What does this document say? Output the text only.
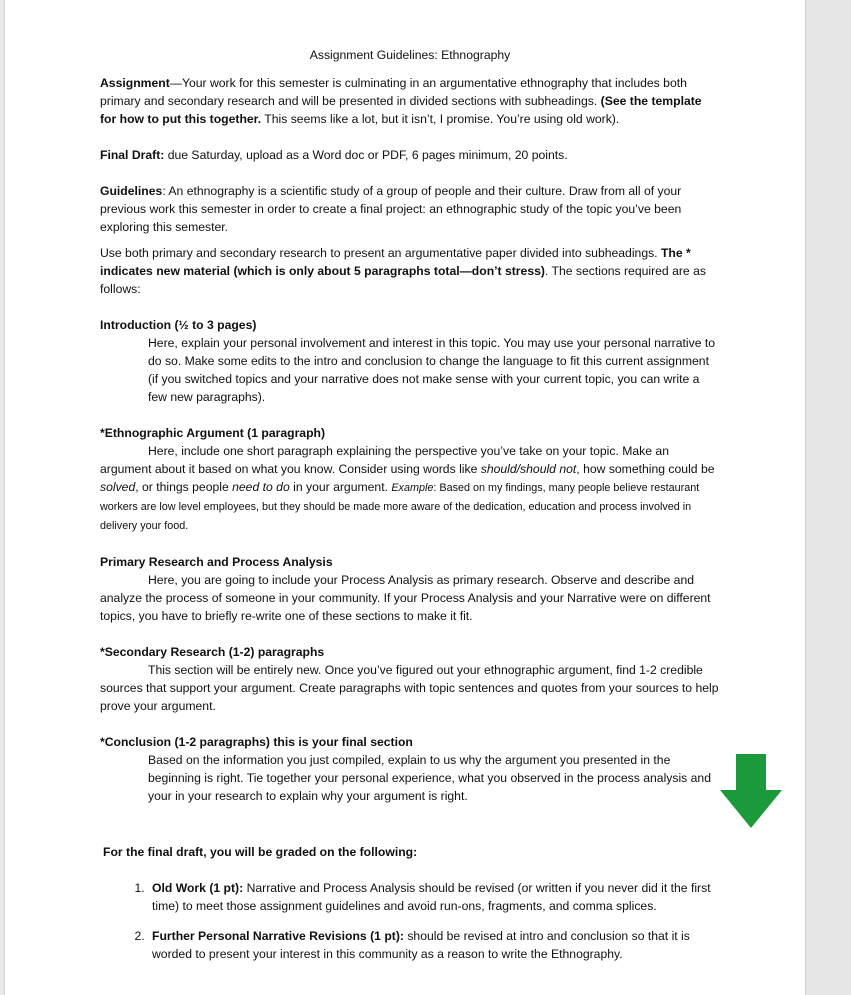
Assignment Guidelines: Ethnography

Assignment—Your work for this semester is culminating in an argumentative ethnography that includes both primary and secondary research and will be presented in divided sections with subheadings. (See the template for how to put this together. This seems like a lot, but it isn’t, I promise. You’re using old work).

Final Draft: due Saturday, upload as a Word doc or PDF, 6 pages minimum, 20 points.

Guidelines: An ethnography is a scientific study of a group of people and their culture. Draw from all of your previous work this semester in order to create a final project: an ethnographic study of the topic you’ve been exploring this semester.

Use both primary and secondary research to present an argumentative paper divided into subheadings. The * indicates new material (which is only about 5 paragraphs total—don’t stress). The sections required are as follows:

Introduction (½ to 3 pages)

Here, explain your personal involvement and interest in this topic. You may use your personal narrative to do so. Make some edits to the intro and conclusion to change the language to fit this current assignment (if you switched topics and your narrative does not make sense with your current topic, you can write a few new paragraphs).

*Ethnographic Argument (1 paragraph)

Here, include one short paragraph explaining the perspective you’ve take on your topic. Make an argument about it based on what you know. Consider using words like should/should not, how something could be solved, or things people need to do in your argument. Example: Based on my findings, many people believe restaurant workers are low level employees, but they should be made more aware of the dedication, education and process involved in delivery your food.

Primary Research and Process Analysis

Here, you are going to include your Process Analysis as primary research. Observe and describe and analyze the process of someone in your community. If your Process Analysis and your Narrative were on different topics, you have to briefly re-write one of these sections to make it fit.

*Secondary Research (1-2) paragraphs

This section will be entirely new. Once you’ve figured out your ethnographic argument, find 1-2 credible sources that support your argument. Create paragraphs with topic sentences and quotes from your sources to help prove your argument.

*Conclusion (1-2 paragraphs) this is your final section

Based on the information you just compiled, explain to us why the argument you presented in the beginning is right. Tie together your personal experience, what you observed in the process analysis and your in your research to explain why your argument is right.

For the final draft, you will be graded on the following:

1. Old Work (1 pt): Narrative and Process Analysis should be revised (or written if you never did it the first time) to meet those assignment guidelines and avoid run-ons, fragments, and comma splices.
2. Further Personal Narrative Revisions (1 pt): should be revised at intro and conclusion so that it is worded to present your interest in this community as a reason to write the Ethnography.
